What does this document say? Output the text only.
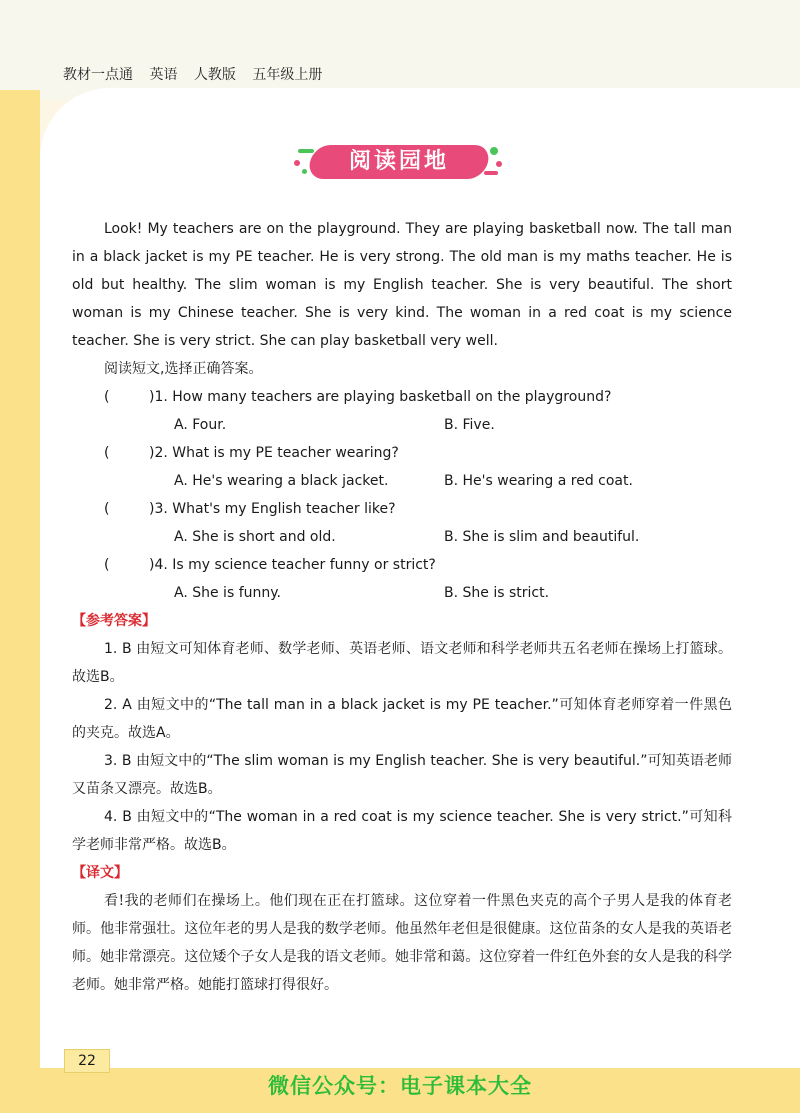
教材一点通 英语 人教版 五年级上册
阅读园地

Look! My teachers are on the playground. They are playing basketball now. The tall man in a black jacket is my PE teacher. He is very strong. The old man is my maths teacher. He is old but healthy. The slim woman is my English teacher. She is very beautiful. The short woman is my Chinese teacher. She is very kind. The woman in a red coat is my science teacher. She is very strict. She can play basketball very well.

阅读短文,选择正确答案。

(	)1. How many teachers are playing basketball on the playground?

A. Four.	B. Five.

(	)2. What is my PE teacher wearing?

A. He's wearing a black jacket.	B. He's wearing a red coat.

(	)3. What's my English teacher like?

A. She is short and old.	B. She is slim and beautiful.

(	)4. Is my science teacher funny or strict?

A. She is funny.	B. She is strict.

【参考答案】

1. B 由短文可知体育老师、数学老师、英语老师、语文老师和科学老师共五名老师在操场上打篮球。故选B。

2. A 由短文中的“The tall man in a black jacket is my PE teacher.”可知体育老师穿着一件黑色的夹克。故选A。

3. B 由短文中的“The slim woman is my English teacher. She is very beautiful.”可知英语老师又苗条又漂亮。故选B。

4. B 由短文中的“The woman in a red coat is my science teacher. She is very strict.”可知科学老师非常严格。故选B。

【译文】

看!我的老师们在操场上。他们现在正在打篮球。这位穿着一件黑色夹克的高个子男人是我的体育老师。他非常强壮。这位年老的男人是我的数学老师。他虽然年老但是很健康。这位苗条的女人是我的英语老师。她非常漂亮。这位矮个子女人是我的语文老师。她非常和蔼。这位穿着一件红色外套的女人是我的科学老师。她非常严格。她能打篮球打得很好。

22
微信公众号：电子课本大全
